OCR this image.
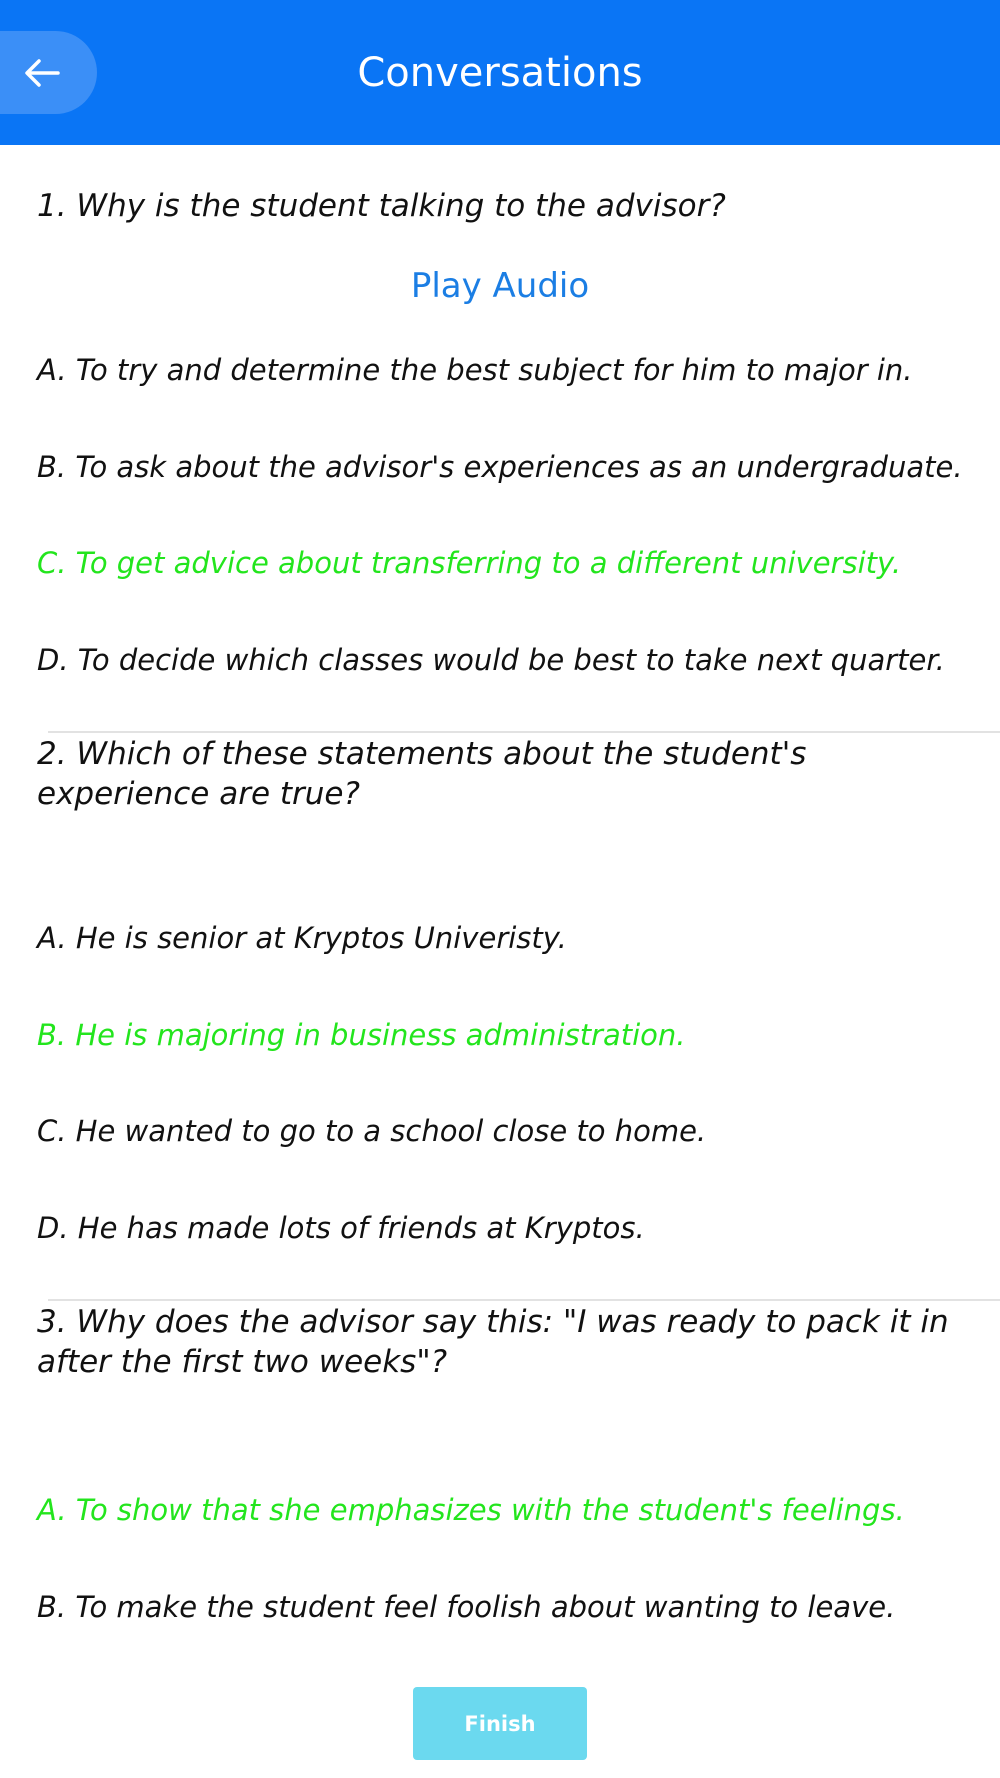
Conversations
1. Why is the student talking to the advisor?
Play Audio
A. To try and determine the best subject for him to major in.
B. To ask about the advisor's experiences as an undergraduate.
C. To get advice about transferring to a different university.
D. To decide which classes would be best to take next quarter.
2. Which of these statements about the student's experience are true?
A. He is senior at Kryptos Univeristy.
B. He is majoring in business administration.
C. He wanted to go to a school close to home.
D. He has made lots of friends at Kryptos.
3. Why does the advisor say this: "I was ready to pack it in after the first two weeks"?
A. To show that she emphasizes with the student's feelings.
B. To make the student feel foolish about wanting to leave.
Finish
